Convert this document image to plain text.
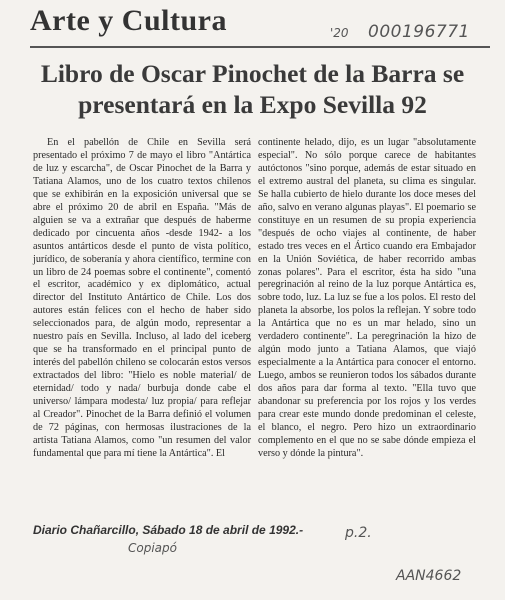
Arte y Cultura	'20 000196771
Libro de Oscar Pinochet de la Barra se presentará en la Expo Sevilla 92
En el pabellón de Chile en Sevilla será presentado el próximo 7 de mayo el libro "Antártica de luz y escarcha", de Oscar Pinochet de la Barra y Tatiana Alamos, uno de los cuatro textos chilenos que se exhibirán en la exposición universal que se abre el próximo 20 de abril en España. "Más de alguien se va a extrañar que después de haberme dedicado por cincuenta años -desde 1942- a los asuntos antárticos desde el punto de vista político, jurídico, de soberanía y ahora científico, termine con un libro de 24 poemas sobre el continente", comentó el escritor, académico y ex diplomático, actual director del Instituto Antártico de Chile. Los dos autores están felices con el hecho de haber sido seleccionados para, de algún modo, representar a nuestro país en Sevilla. Incluso, al lado del iceberg que se ha transformado en el principal punto de interés del pabellón chileno se colocarán estos versos extractados del libro: "Hielo es noble material/ de eternidad/ todo y nada/ burbuja donde cabe el universo/ lámpara modesta/ luz propia/ para reflejar al Creador". Pinochet de la Barra definió el volumen de 72 páginas, con hermosas ilustraciones de la artista Tatiana Alamos, como "un resumen del valor fundamental que para mí tiene la Antártica". El
continente helado, dijo, es un lugar "absolutamente especial". No sólo porque carece de habitantes autóctonos "sino porque, además de estar situado en el extremo austral del planeta, su clima es singular. Se halla cubierto de hielo durante los doce meses del año, salvo en verano algunas playas". El poemario se constituye en un resumen de su propia experiencia "después de ocho viajes al continente, de haber estado tres veces en el Ártico cuando era Embajador en la Unión Soviética, de haber recorrido ambas zonas polares". Para el escritor, ésta ha sido "una peregrinación al reino de la luz porque Antártica es, sobre todo, luz. La luz se fue a los polos. El resto del planeta la absorbe, los polos la reflejan. Y sobre todo la Antártica que no es un mar helado, sino un verdadero continente". La peregrinación la hizo de algún modo junto a Tatiana Alamos, que viajó especialmente a la Antártica para conocer el entorno. Luego, ambos se reunieron todos los sábados durante dos años para dar forma al texto. "Ella tuvo que abandonar su preferencia por los rojos y los verdes para crear este mundo donde predominan el celeste, el blanco, el negro. Pero hizo un extraordinario complemento en el que no se sabe dónde empieza el verso y dónde la pintura".
Diario Chañarcillo, Sábado 18 de abril de 1992.-
Copiapó
p.2.
AAN4662
